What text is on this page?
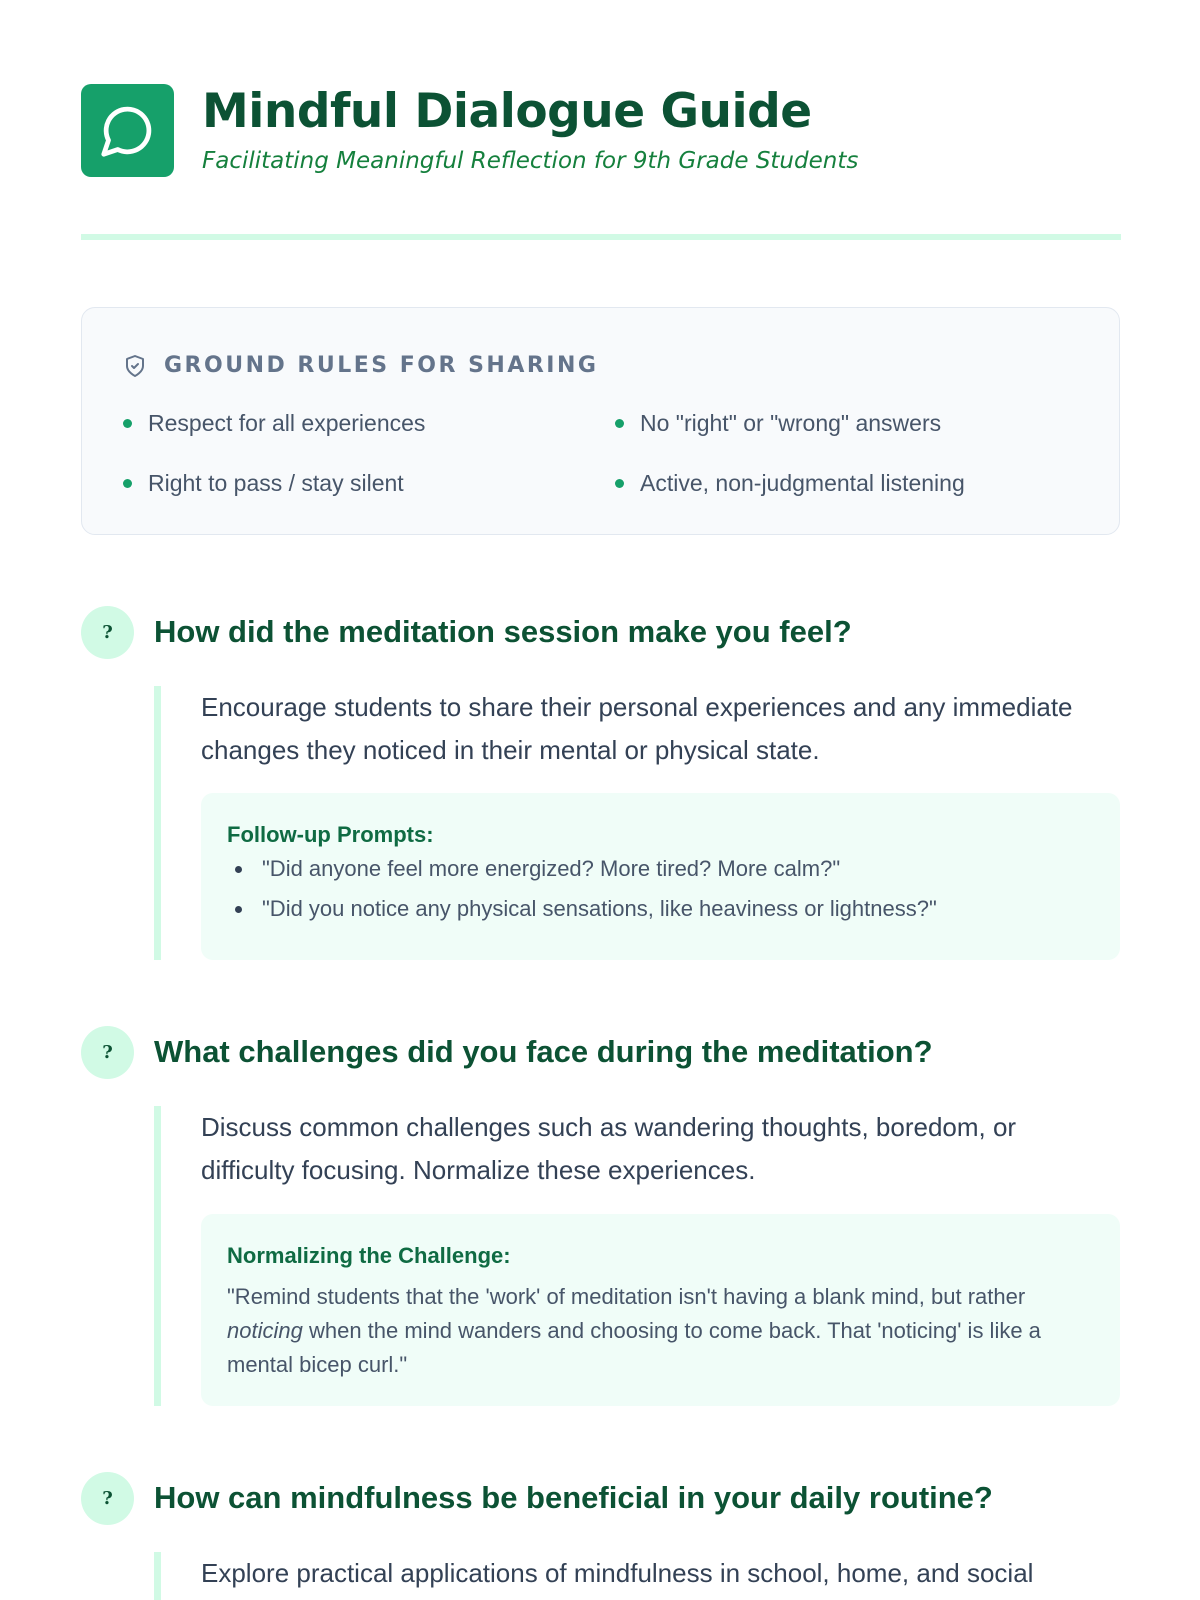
Mindful Dialogue Guide

Facilitating Meaningful Reflection for 9th Grade Students

GROUND RULES FOR SHARING
Respect for all experiences	No "right" or "wrong" answers
Right to pass / stay silent	Active, non-judgmental listening
?	How did the meditation session make you feel?

Encourage students to share their personal experiences and any immediate changes they noticed in their mental or physical state.

Follow-up Prompts:
"Did anyone feel more energized? More tired? More calm?"
"Did you notice any physical sensations, like heaviness or lightness?"
?	What challenges did you face during the meditation?

Discuss common challenges such as wandering thoughts, boredom, or difficulty focusing. Normalize these experiences.

Normalizing the Challenge:

"Remind students that the 'work' of meditation isn't having a blank mind, but rather noticing when the mind wanders and choosing to come back. That 'noticing' is like a mental bicep curl."

?	How can mindfulness be beneficial in your daily routine?

Explore practical applications of mindfulness in school, home, and social
